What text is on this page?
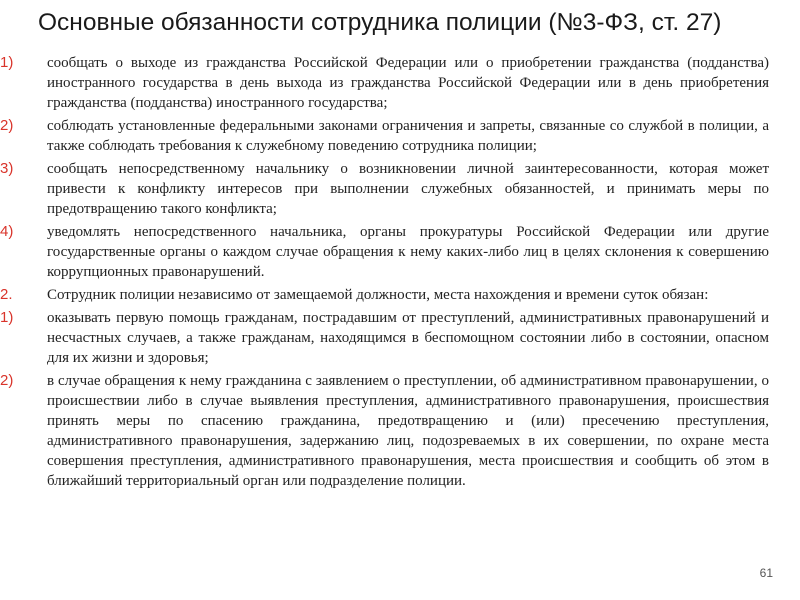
Основные обязанности сотрудника полиции (№3-ФЗ, ст. 27)
1) сообщать о выходе из гражданства Российской Федерации или о приобретении гражданства (подданства) иностранного государства в день выхода из гражданства Российской Федерации или в день приобретения гражданства (подданства) иностранного государства;
2) соблюдать установленные федеральными законами ограничения и запреты, связанные со службой в полиции, а также соблюдать требования к служебному поведению сотрудника полиции;
3) сообщать непосредственному начальнику о возникновении личной заинтересованности, которая может привести к конфликту интересов при выполнении служебных обязанностей, и принимать меры по предотвращению такого конфликта;
4) уведомлять непосредственного начальника, органы прокуратуры Российской Федерации или другие государственные органы о каждом случае обращения к нему каких-либо лиц в целях склонения к совершению коррупционных правонарушений.
2. Сотрудник полиции независимо от замещаемой должности, места нахождения и времени суток обязан:
1) оказывать первую помощь гражданам, пострадавшим от преступлений, административных правонарушений и несчастных случаев, а также гражданам, находящимся в беспомощном состоянии либо в состоянии, опасном для их жизни и здоровья;
2) в случае обращения к нему гражданина с заявлением о преступлении, об административном правонарушении, о происшествии либо в случае выявления преступления, административного правонарушения, происшествия принять меры по спасению гражданина, предотвращению и (или) пресечению преступления, административного правонарушения, задержанию лиц, подозреваемых в их совершении, по охране места совершения преступления, административного правонарушения, места происшествия и сообщить об этом в ближайший территориальный орган или подразделение полиции.
61
